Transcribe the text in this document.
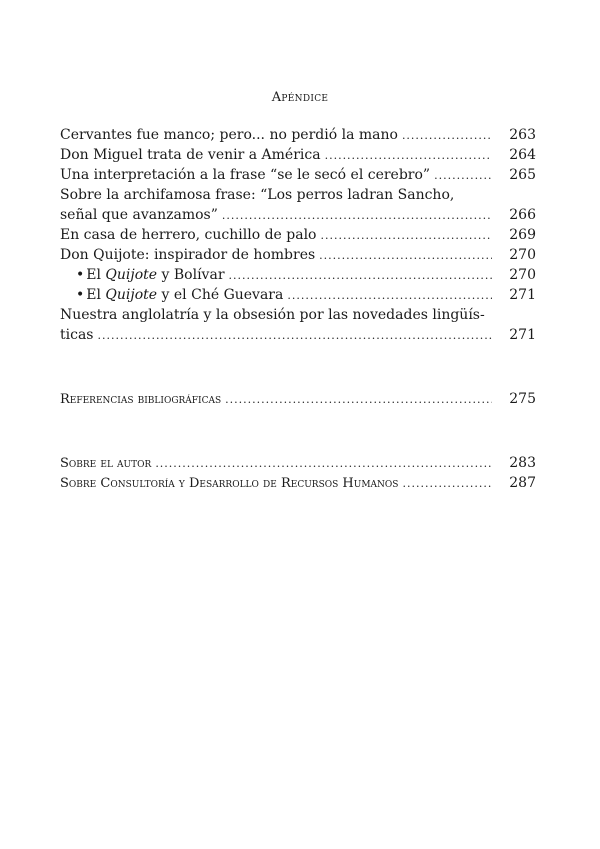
Apéndice
Cervantes fue manco; pero... no perdió la mano .....	263
Don Miguel trata de venir a América .....	264
Una interpretación a la frase “se le secó el cerebro” .....	265
Sobre la archifamosa frase: “Los perros ladran Sancho,
señal que avanzamos” .....	266
En casa de herrero, cuchillo de palo .....	269
Don Quijote: inspirador de hombres .....	270
• El Quijote y Bolívar .....	270
• El Quijote y el Ché Guevara .....	271
Nuestra anglolatría y la obsesión por las novedades lingüís-
ticas .....	271
Referencias bibliográficas .....	275
Sobre el autor .....	283
Sobre Consultoría y Desarrollo de Recursos Humanos .....	287
